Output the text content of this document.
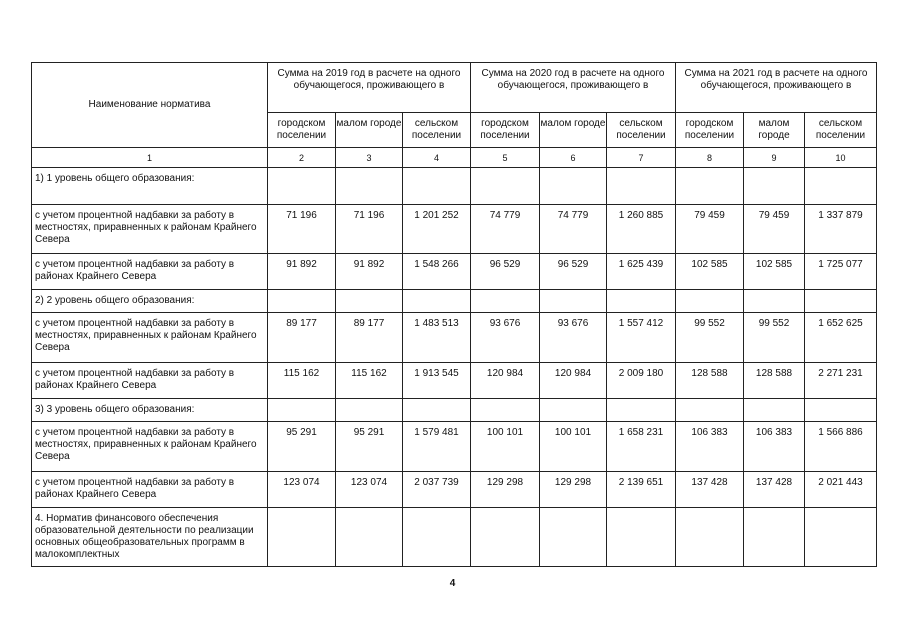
Наименование норматива	Сумма на 2019 год в расчете на одного обучающегося, проживающего в			Сумма на 2020 год в расчете на одного обучающегося, проживающего в			Сумма на 2021 год в расчете на одного обучающегося, проживающего в		
	городском поселении	малом городе	сельском поселении	городском поселении	малом городе	сельском поселении	городском поселении	малом городе	сельском поселении
1	2	3	4	5	6	7	8	9	10
1) 1 уровень общего образования:									
с учетом процентной надбавки за работу в местностях, приравненных к районам Крайнего Севера	71 196	71 196	1 201 252	74 779	74 779	1 260 885	79 459	79 459	1 337 879
с учетом процентной надбавки за работу в районах Крайнего Севера	91 892	91 892	1 548 266	96 529	96 529	1 625 439	102 585	102 585	1 725 077
2) 2 уровень общего образования:									
с учетом процентной надбавки за работу в местностях, приравненных к районам Крайнего Севера	89 177	89 177	1 483 513	93 676	93 676	1 557 412	99 552	99 552	1 652 625
с учетом процентной надбавки за работу в районах Крайнего Севера	115 162	115 162	1 913 545	120 984	120 984	2 009 180	128 588	128 588	2 271 231
3) 3 уровень общего образования:									
с учетом процентной надбавки за работу в местностях, приравненных к районам Крайнего Севера	95 291	95 291	1 579 481	100 101	100 101	1 658 231	106 383	106 383	1 566 886
с учетом процентной надбавки за работу в районах Крайнего Севера	123 074	123 074	2 037 739	129 298	129 298	2 139 651	137 428	137 428	2 021 443
4. Норматив финансового обеспечения образовательной деятельности по реализации основных общеобразовательных программ в малокомплектных									
4
